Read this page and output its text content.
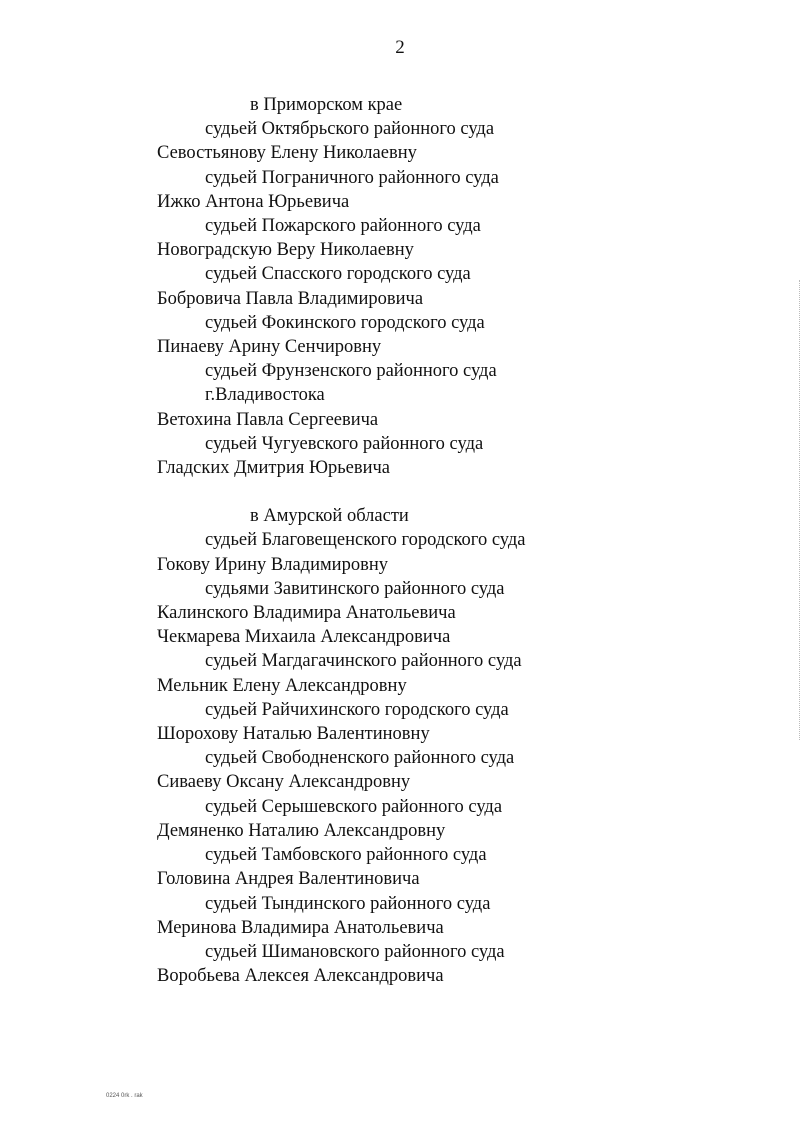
2
в Приморском крае
судьей Октябрьского районного суда
Севостьянову Елену Николаевну
судьей Пограничного районного суда
Ижко Антона Юрьевича
судьей Пожарского районного суда
Новоградскую Веру Николаевну
судьей Спасского городского суда
Бобровича Павла Владимировича
судьей Фокинского городского суда
Пинаеву Арину Сенчировну
судьей Фрунзенского районного суда
г.Владивостока
Ветохина Павла Сергеевича
судьей Чугуевского районного суда
Гладских Дмитрия Юрьевича
в Амурской области
судьей Благовещенского городского суда
Гокову Ирину Владимировну
судьями Завитинского районного суда
Калинского Владимира Анатольевича
Чекмарева Михаила Александровича
судьей Магдагачинского районного суда
Мельник Елену Александровну
судьей Райчихинского городского суда
Шорохову Наталью Валентиновну
судьей Свободненского районного суда
Сиваеву Оксану Александровну
судьей Серышевского районного суда
Демяненко Наталию Александровну
судьей Тамбовского районного суда
Головина Андрея Валентиновича
судьей Тындинского районного суда
Меринова Владимира Анатольевича
судьей Шимановского районного суда
Воробьева Алексея Александровича
0224 0rk . rak
